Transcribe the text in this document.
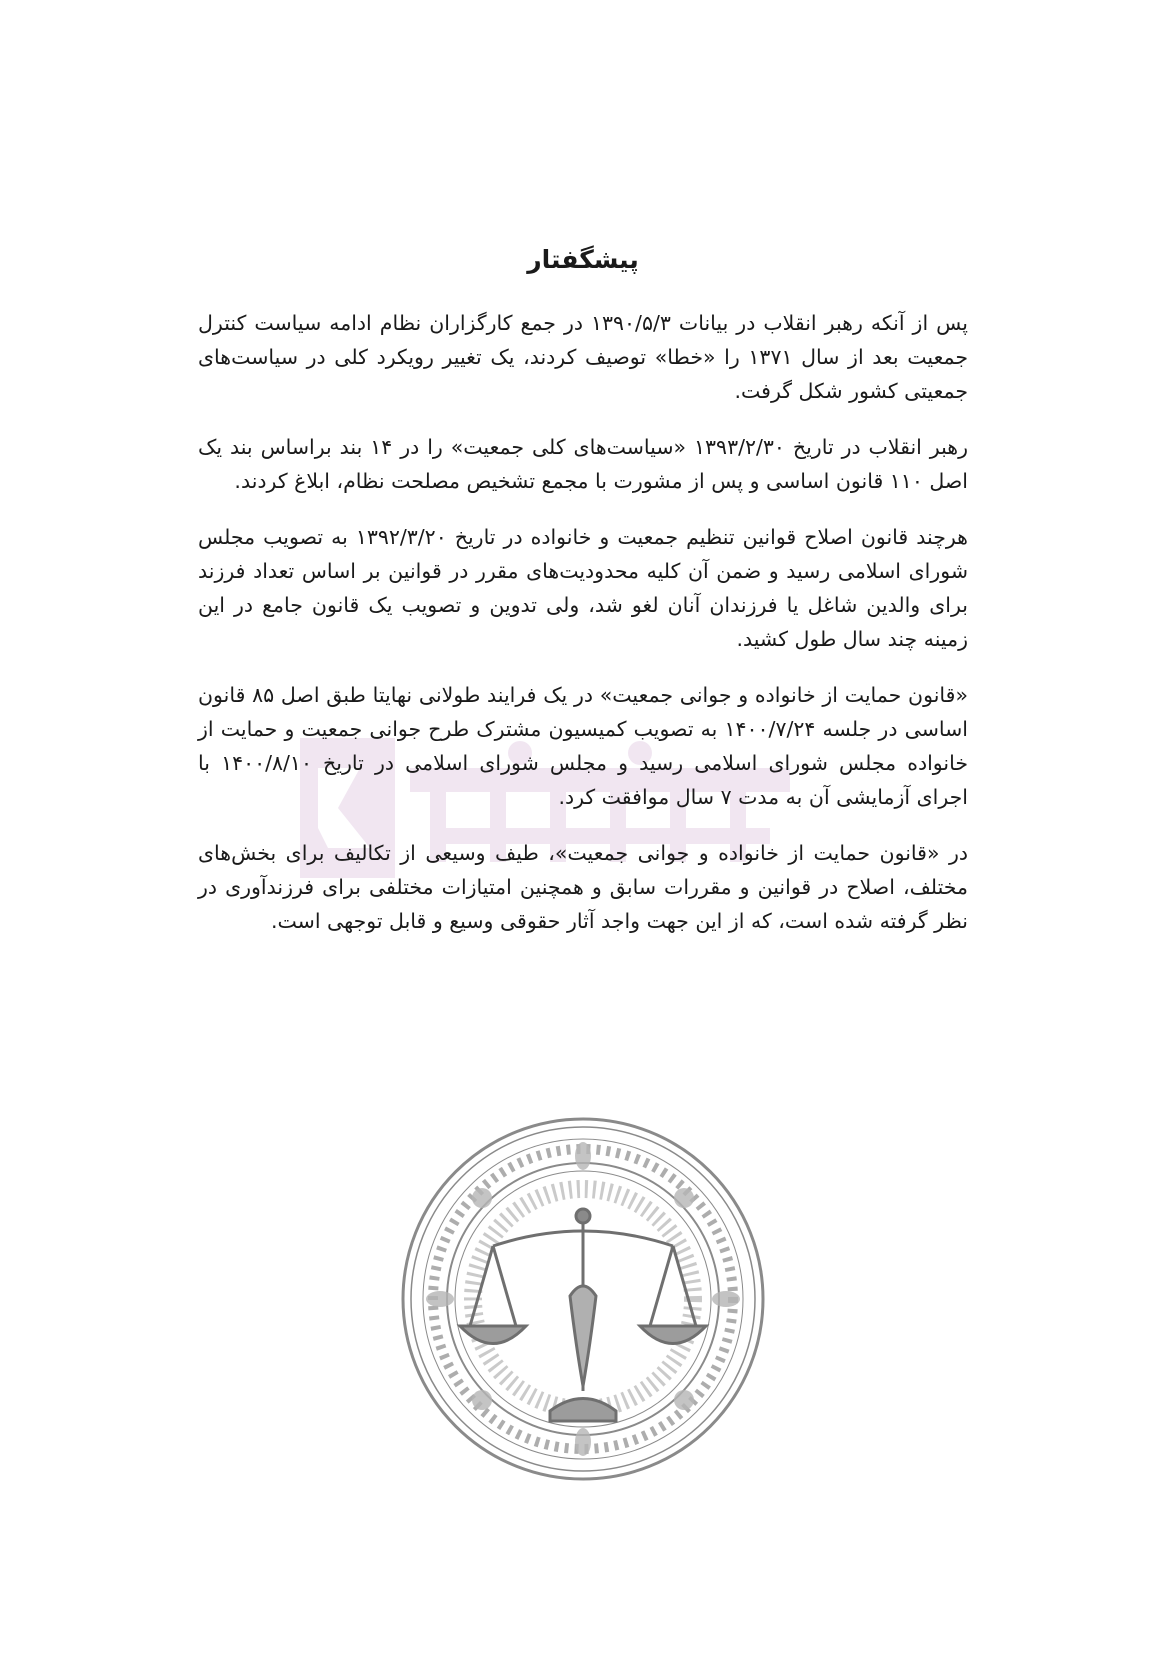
پیشگفتار

پس از آنکه رهبر انقلاب در بیانات ۱۳۹۰/۵/۳ در جمع کارگزاران نظام ادامه سیاست کنترل جمعیت بعد از سال ۱۳۷۱ را «خطا» توصیف کردند، یک تغییر رویکرد کلی در سیاست‌های جمعیتی کشور شکل گرفت.

رهبر انقلاب در تاریخ ۱۳۹۳/۲/۳۰ «سیاست‌های کلی جمعیت» را در ۱۴ بند براساس بند یک اصل ۱۱۰ قانون اساسی و پس از مشورت با مجمع تشخیص مصلحت نظام، ابلاغ کردند.

هرچند قانون اصلاح قوانین تنظیم جمعیت و خانواده در تاریخ ۱۳۹۲/۳/۲۰ به تصویب مجلس شورای اسلامی رسید و ضمن آن کلیه محدودیت‌های مقرر در قوانین بر اساس تعداد فرزند برای والدین شاغل یا فرزندان آنان لغو شد، ولی تدوین و تصویب یک قانون جامع در این زمینه چند سال طول کشید.

«قانون حمایت از خانواده و جوانی جمعیت» در یک فرایند طولانی نهایتا طبق اصل ۸۵ قانون اساسی در جلسه ۱۴۰۰/۷/۲۴ به تصویب کمیسیون مشترک طرح جوانی جمعیت و حمایت از خانواده مجلس شورای اسلامی رسید و مجلس شورای اسلامی در تاریخ ۱۴۰۰/۸/۱۰ با اجرای آزمایشی آن به مدت ۷ سال موافقت کرد.

در «قانون حمایت از خانواده و جوانی جمعیت»، طیف وسیعی از تکالیف برای بخش‌های مختلف، اصلاح در قوانین و مقررات سابق و همچنین امتیازات مختلفی برای فرزندآوری در نظر گرفته شده است، که از این جهت واجد آثار حقوقی وسیع و قابل توجهی است.
